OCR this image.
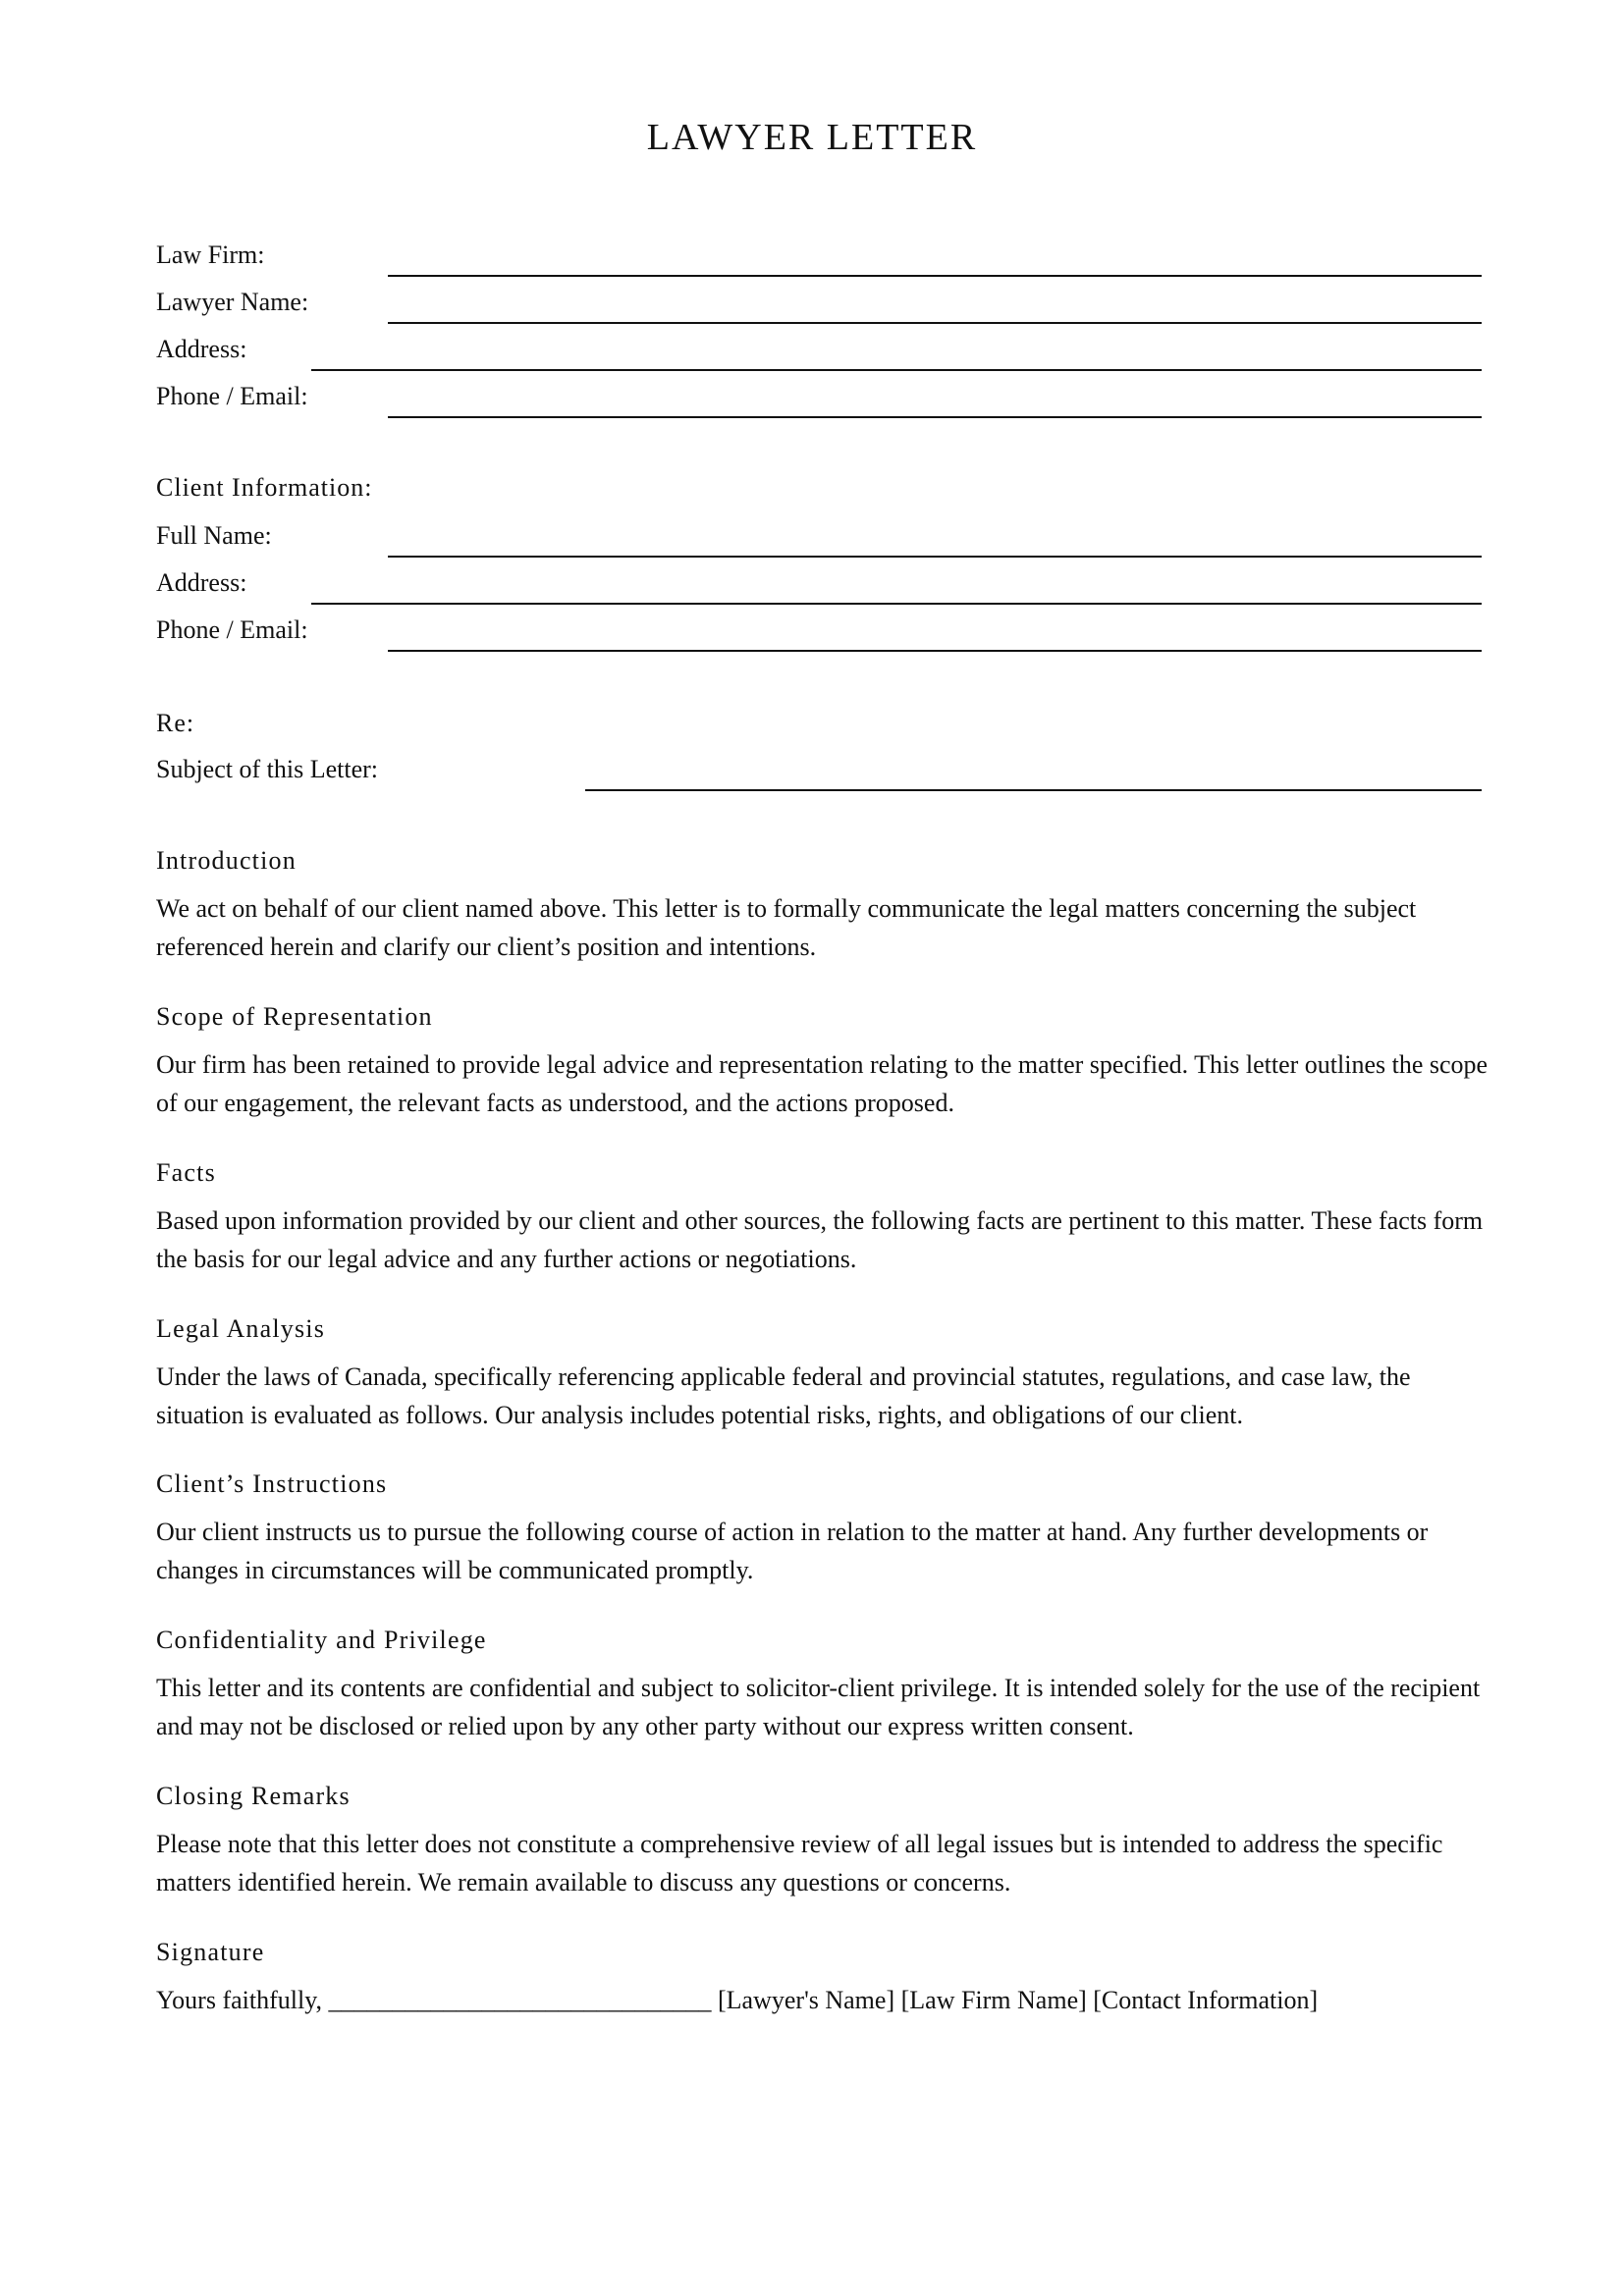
LAWYER LETTER
Law Firm:
Lawyer Name:
Address:
Phone / Email:
Client Information:
Full Name:
Address:
Phone / Email:
Re:
Subject of this Letter:
Introduction

We act on behalf of our client named above. This letter is to formally communicate the legal matters concerning the subject referenced herein and clarify our client’s position and intentions.

Scope of Representation

Our firm has been retained to provide legal advice and representation relating to the matter specified. This letter outlines the scope of our engagement, the relevant facts as understood, and the actions proposed.

Facts

Based upon information provided by our client and other sources, the following facts are pertinent to this matter. These facts form the basis for our legal advice and any further actions or negotiations.

Legal Analysis

Under the laws of Canada, specifically referencing applicable federal and provincial statutes, regulations, and case law, the situation is evaluated as follows. Our analysis includes potential risks, rights, and obligations of our client.

Client’s Instructions

Our client instructs us to pursue the following course of action in relation to the matter at hand. Any further developments or changes in circumstances will be communicated promptly.

Confidentiality and Privilege

This letter and its contents are confidential and subject to solicitor-client privilege. It is intended solely for the use of the recipient and may not be disclosed or relied upon by any other party without our express written consent.

Closing Remarks

Please note that this letter does not constitute a comprehensive review of all legal issues but is intended to address the specific matters identified herein. We remain available to discuss any questions or concerns.

Signature
Yours faithfully, ______________________________ [Lawyer's Name] [Law Firm Name] [Contact Information]
